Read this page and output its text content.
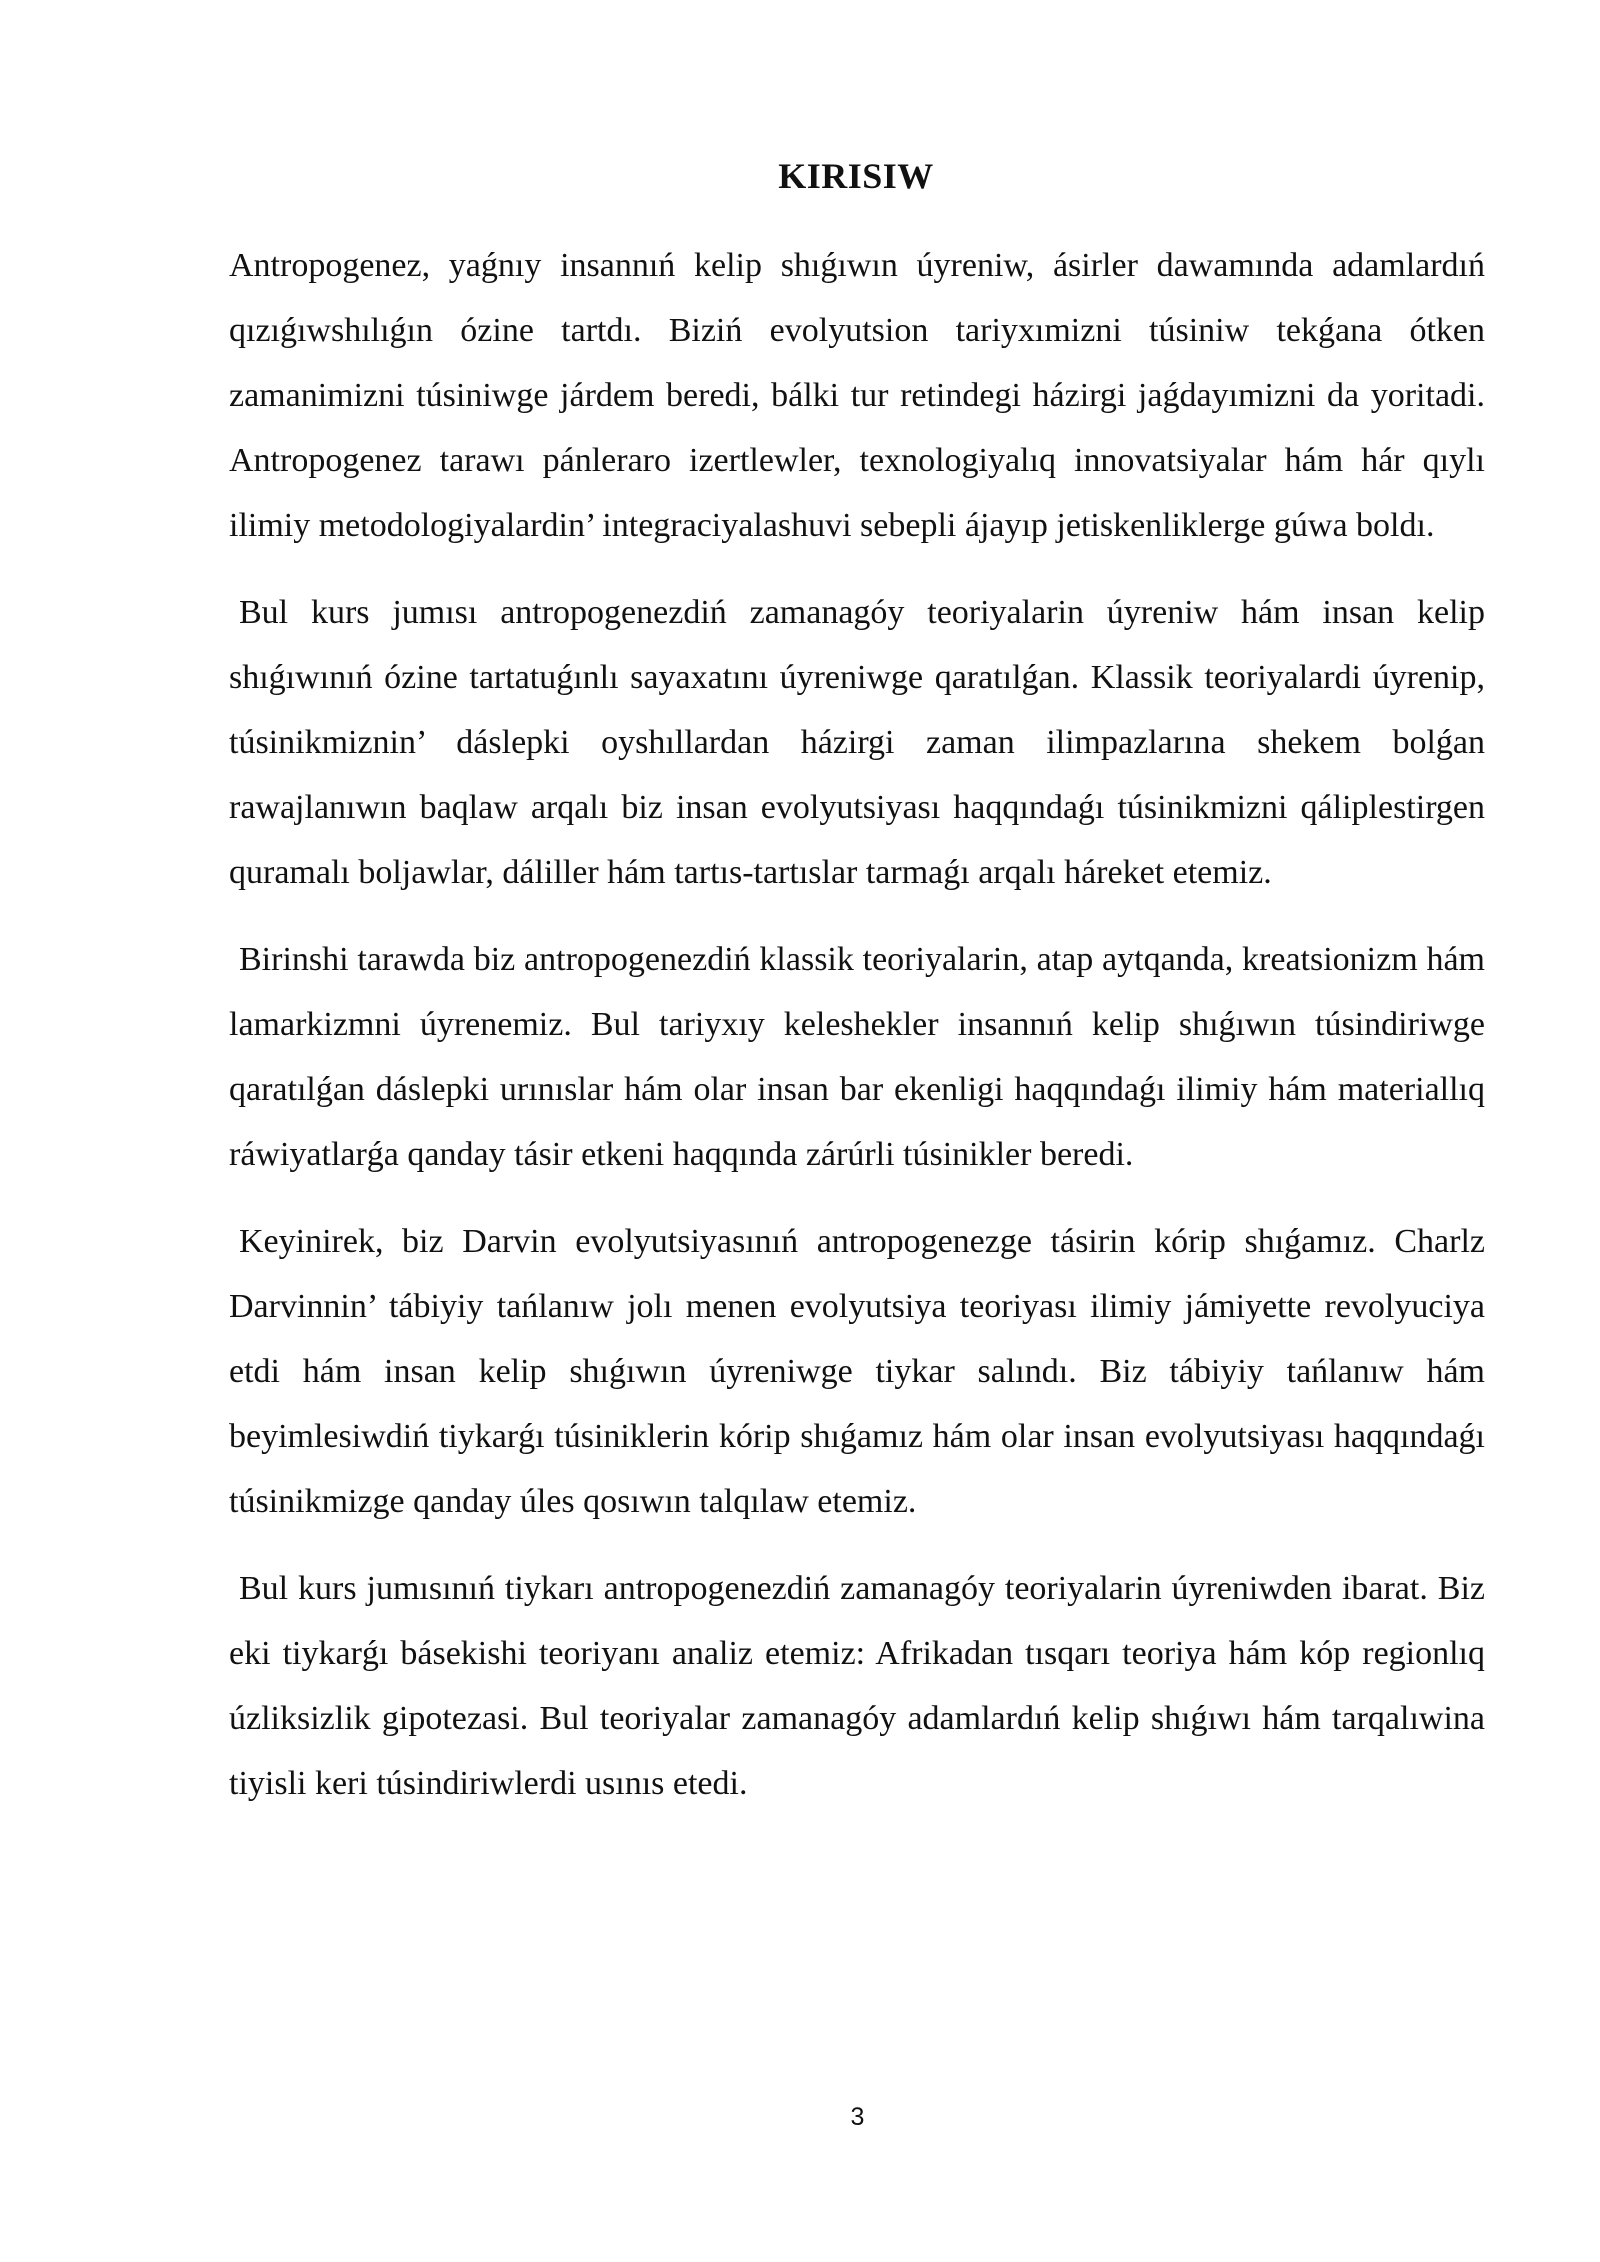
KIRISIW

Antropogenez, yaǵnıy insannıń kelip shıǵıwın úyreniw, ásirler dawamında adamlardıń qızıǵıwshılıǵın ózine tartdı. Biziń evolyutsion tariyxımizni túsiniw tekǵana ótken zamanimizni túsiniwge járdem beredi, bálki tur retindegi házirgi jaǵdayımizni da yoritadi. Antropogenez tarawı pánleraro izertlewler, texnologiyalıq innovatsiyalar hám hár qıylı ilimiy metodologiyalardin’ integraciyalashuvi sebepli ájayıp jetiskenliklerge gúwa boldı.

Bul kurs jumısı antropogenezdiń zamanagóy teoriyalarin úyreniw hám insan kelip shıǵıwınıń ózine tartatuǵınlı sayaxatını úyreniwge qaratılǵan. Klassik teoriyalardi úyrenip, túsinikmiznin’ dáslepki oyshıllardan házirgi zaman ilimpazlarına shekem bolǵan rawajlanıwın baqlaw arqalı biz insan evolyutsiyası haqqındaǵı túsinikmizni qáliplestirgen quramalı boljawlar, dáliller hám tartıs-tartıslar tarmaǵı arqalı háreket etemiz.

Birinshi tarawda biz antropogenezdiń klassik teoriyalarin, atap aytqanda, kreatsionizm hám lamarkizmni úyrenemiz. Bul tariyxıy keleshekler insannıń kelip shıǵıwın túsindiriwge qaratılǵan dáslepki urınıslar hám olar insan bar ekenligi haqqındaǵı ilimiy hám materiallıq ráwiyatlarǵa qanday tásir etkeni haqqında zárúrli túsinikler beredi.

Keyinirek, biz Darvin evolyutsiyasınıń antropogenezge tásirin kórip shıǵamız. Charlz Darvinnin’ tábiyiy tańlanıw jolı menen evolyutsiya teoriyası ilimiy jámiyette revolyuciya etdi hám insan kelip shıǵıwın úyreniwge tiykar salındı. Biz tábiyiy tańlanıw hám beyimlesiwdiń tiykarǵı túsiniklerin kórip shıǵamız hám olar insan evolyutsiyası haqqındaǵı túsinikmizge qanday úles qosıwın talqılaw etemiz.

Bul kurs jumısınıń tiykarı antropogenezdiń zamanagóy teoriyalarin úyreniwden ibarat. Biz eki tiykarǵı básekishi teoriyanı analiz etemiz: Afrikadan tısqarı teoriya hám kóp regionlıq úzliksizlik gipotezasi. Bul teoriyalar zamanagóy adamlardıń kelip shıǵıwı hám tarqalıwina tiyisli keri túsindiriwlerdi usınıs etedi.

3
